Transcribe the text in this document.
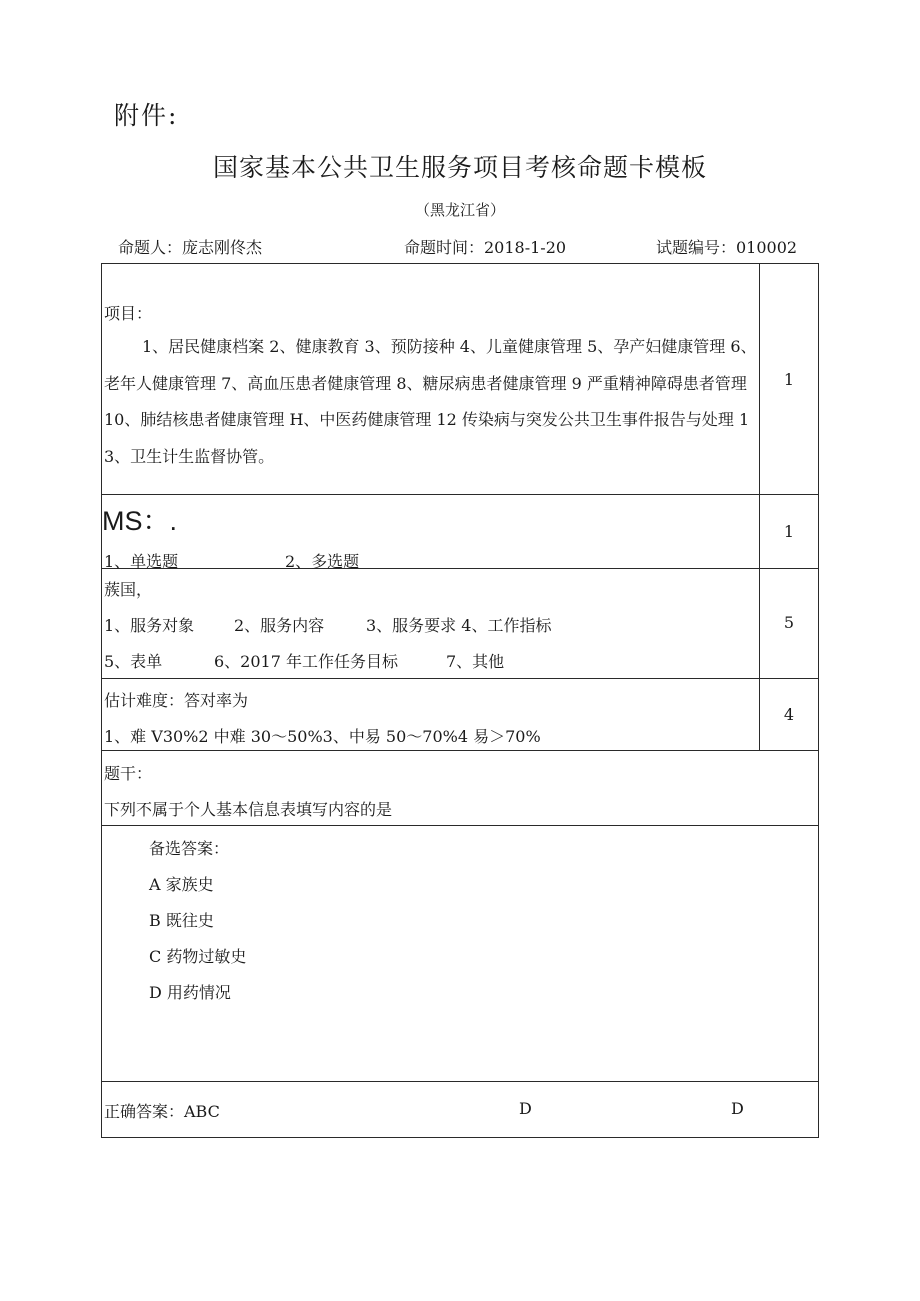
附件:
国家基本公共卫生服务项目考核命题卡模板
（黑龙江省）
命题人：庞志刚佟杰	命题时间：2018-1-20	试题编号：010002
项目：
1、居民健康档案 2、健康教育 3、预防接种 4、儿童健康管理 5、孕产妇健康管理 6、老年人健康管理 7、高血压患者健康管理 8、糖尿病患者健康管理 9 严重精神障碍患者管理 10、肺结核患者健康管理 H、中医药健康管理 12 传染病与突发公共卫生事件报告与处理 13、卫生计生监督协管。
1
MS：.
1、单选题	2、多选题
1
蔟国，
1、服务对象 2、服务内容	3、服务要求 4、工作指标
5、表单	6、2017 年工作任务目标	7、其他
5
估计难度：答对率为
1、难 V30%2 中难 30～50%3、中易 50～70%4 易＞70%
4
题干：
下列不属于个人基本信息表填写内容的是
备选答案：
A 家族史
B 既往史
C 药物过敏史
D 用药情况
正确答案：ABC	D	D
